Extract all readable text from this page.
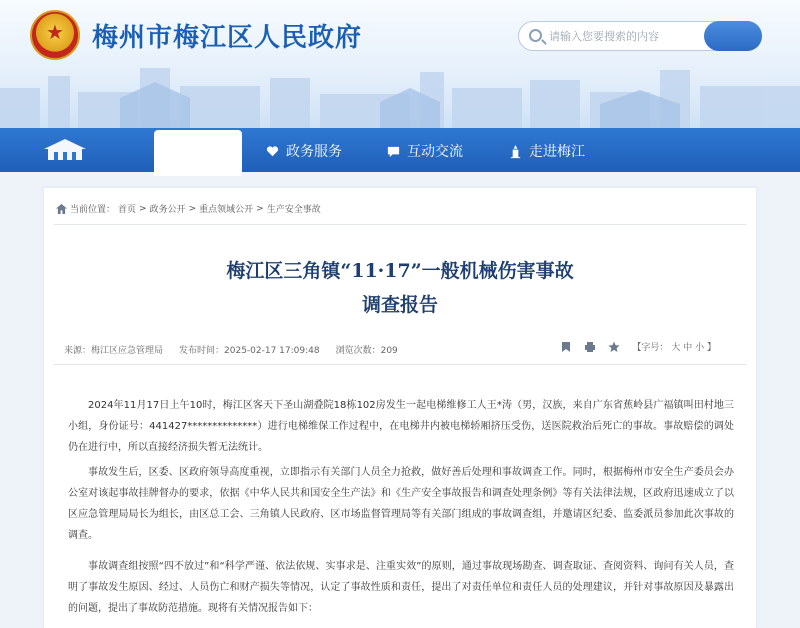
★
梅州市梅江区人民政府
请输入您要搜索的内容
政务服务	互动交流	走进梅江
当前位置： 首页 > 政务公开 > 重点领域公开 > 生产安全事故
梅江区三角镇“11·17”一般机械伤害事故
调查报告
来源：梅江区应急管理局 发布时间：2025-02-17 17:09:48 浏览次数：209	【字号： 大 中 小 】

2024年11月17日上午10时，梅江区客天下圣山湖叠院18栋102房发生一起电梯维修工人王*涛（男，汉族，来自广东省蕉岭县广福镇叫田村地三小组，身份证号：441427**************）进行电梯维保工作过程中，在电梯井内被电梯轿厢挤压受伤，送医院救治后死亡的事故。事故赔偿的调处仍在进行中，所以直接经济损失暂无法统计。

事故发生后，区委、区政府领导高度重视，立即指示有关部门人员全力抢救，做好善后处理和事故调查工作。同时，根据梅州市安全生产委员会办公室对该起事故挂牌督办的要求，依据《中华人民共和国安全生产法》和《生产安全事故报告和调查处理条例》等有关法律法规，区政府迅速成立了以区应急管理局局长为组长，由区总工会、三角镇人民政府、区市场监督管理局等有关部门组成的事故调查组，并邀请区纪委、监委派员参加此次事故的调查。

事故调查组按照“四不放过”和“科学严谨、依法依规、实事求是、注重实效”的原则，通过事故现场勘查、调查取证、查阅资料、询问有关人员，查明了事故发生原因、经过、人员伤亡和财产损失等情况，认定了事故性质和责任，提出了对责任单位和责任人员的处理建议，并针对事故原因及暴露出的问题，提出了事故防范措施。现将有关情况报告如下：
